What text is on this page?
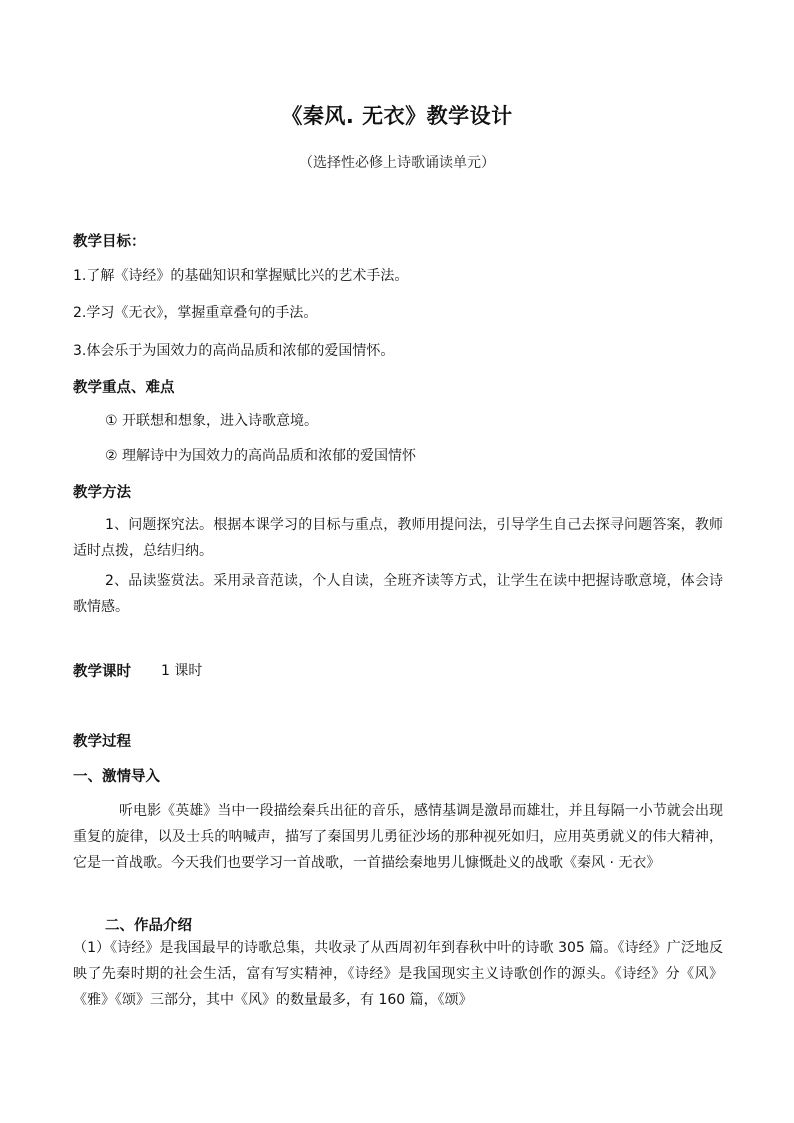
《秦风. 无衣》教学设计
（选择性必修上诗歌诵读单元）
教学目标：
1.了解《诗经》的基础知识和掌握赋比兴的艺术手法。
2.学习《无衣》，掌握重章叠句的手法。
3.体会乐于为国效力的高尚品质和浓郁的爱国情怀。
教学重点、难点
① 开联想和想象，进入诗歌意境。
② 理解诗中为国效力的高尚品质和浓郁的爱国情怀
教学方法
1、问题探究法。根据本课学习的目标与重点，教师用提问法，引导学生自己去探寻问题答案，教师适时点拨，总结归纳。
2、品读鉴赏法。采用录音范读，个人自读，全班齐读等方式，让学生在读中把握诗歌意境，体会诗歌情感。
教学课时 1 课时
教学过程
一、激情导入
听电影《英雄》当中一段描绘秦兵出征的音乐，感情基调是激昂而雄壮，并且每隔一小节就会出现重复的旋律，以及士兵的呐喊声，描写了秦国男儿勇征沙场的那种视死如归，应用英勇就义的伟大精神，它是一首战歌。今天我们也要学习一首战歌，一首描绘秦地男儿慷慨赴义的战歌《秦风 · 无衣》
二、作品介绍
（1）《诗经》是我国最早的诗歌总集，共收录了从西周初年到春秋中叶的诗歌 305 篇。《诗经》广泛地反映了先秦时期的社会生活，富有写实精神，《诗经》是我国现实主义诗歌创作的源头。《诗经》分《风》《雅》《颂》三部分，其中《风》的数量最多，有 160 篇，《颂》
